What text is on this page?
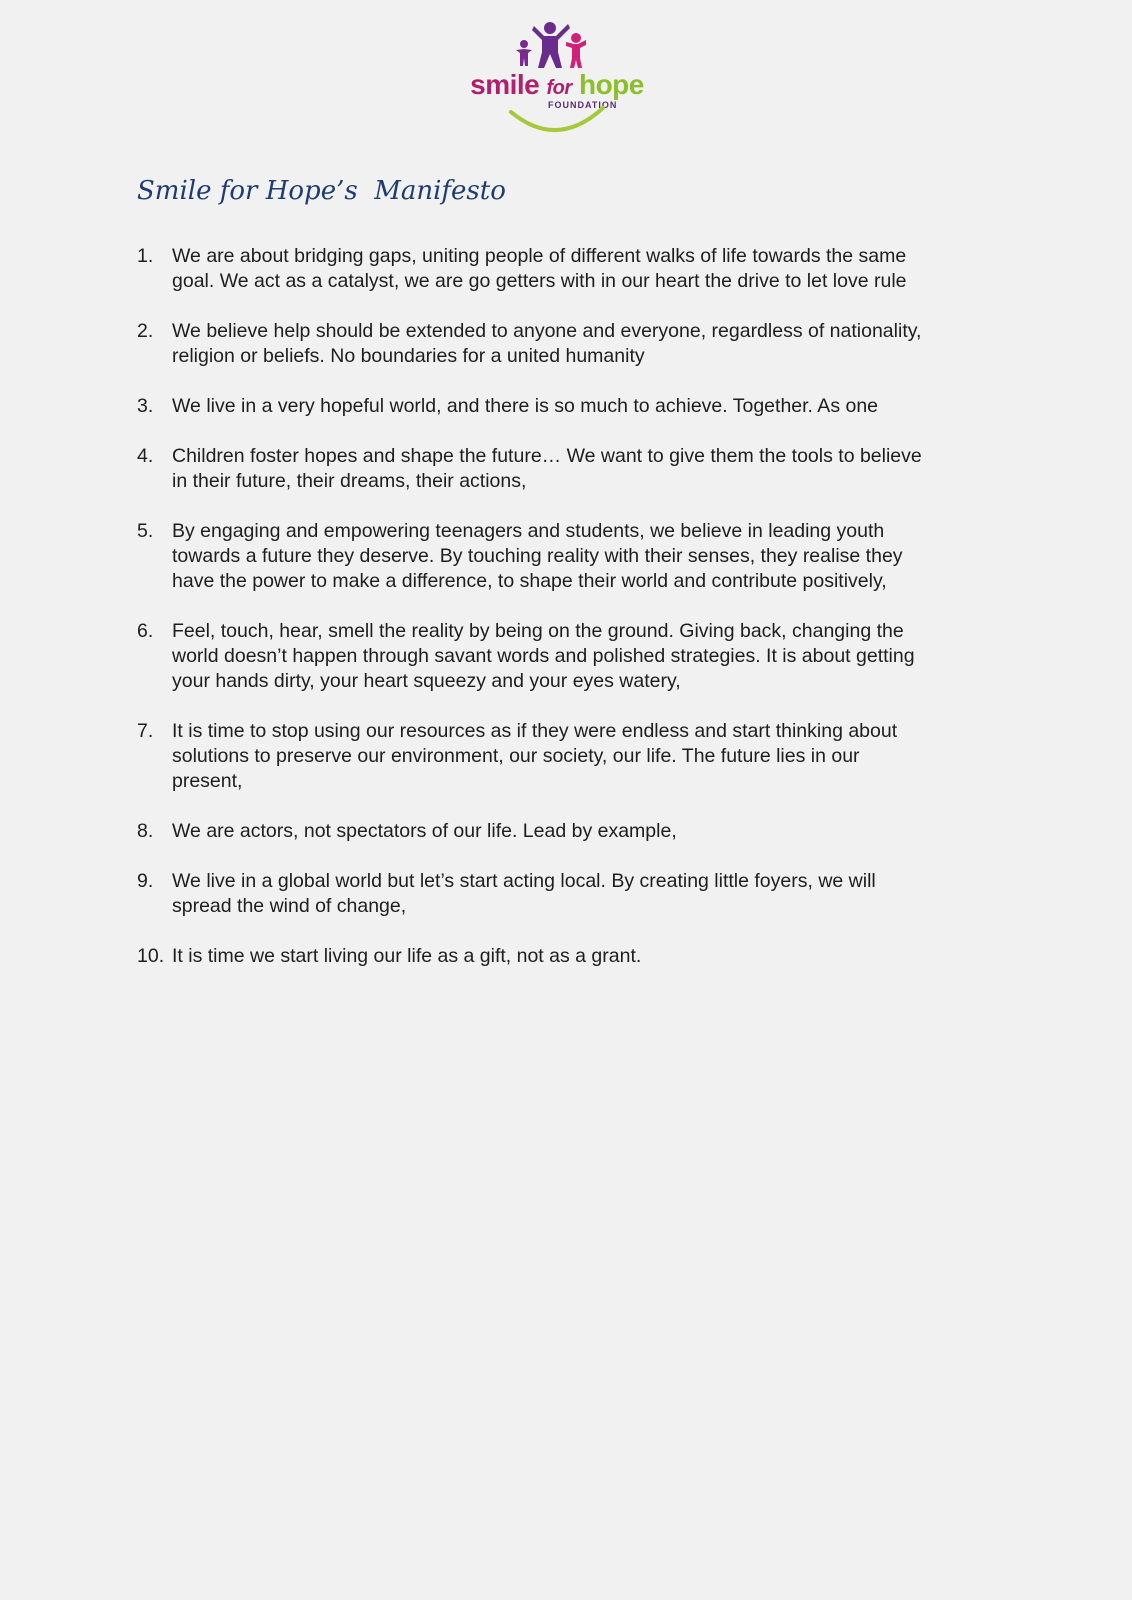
smile for hope
FOUNDATION
Smile for Hope’s  Manifesto
1. We are about bridging gaps, uniting people of different walks of life towards the same
goal. We act as a catalyst, we are go getters with in our heart the drive to let love rule
2. We believe help should be extended to anyone and everyone, regardless of nationality,
religion or beliefs. No boundaries for a united humanity
3. We live in a very hopeful world, and there is so much to achieve. Together. As one
4. Children foster hopes and shape the future… We want to give them the tools to believe
in their future, their dreams, their actions,
5. By engaging and empowering teenagers and students, we believe in leading youth
towards a future they deserve. By touching reality with their senses, they realise they
have the power to make a difference, to shape their world and contribute positively,
6. Feel, touch, hear, smell the reality by being on the ground. Giving back, changing the
world doesn’t happen through savant words and polished strategies. It is about getting
your hands dirty, your heart squeezy and your eyes watery,
7. It is time to stop using our resources as if they were endless and start thinking about
solutions to preserve our environment, our society, our life. The future lies in our
present,
8. We are actors, not spectators of our life. Lead by example,
9. We live in a global world but let’s start acting local. By creating little foyers, we will
spread the wind of change,
10. It is time we start living our life as a gift, not as a grant.
